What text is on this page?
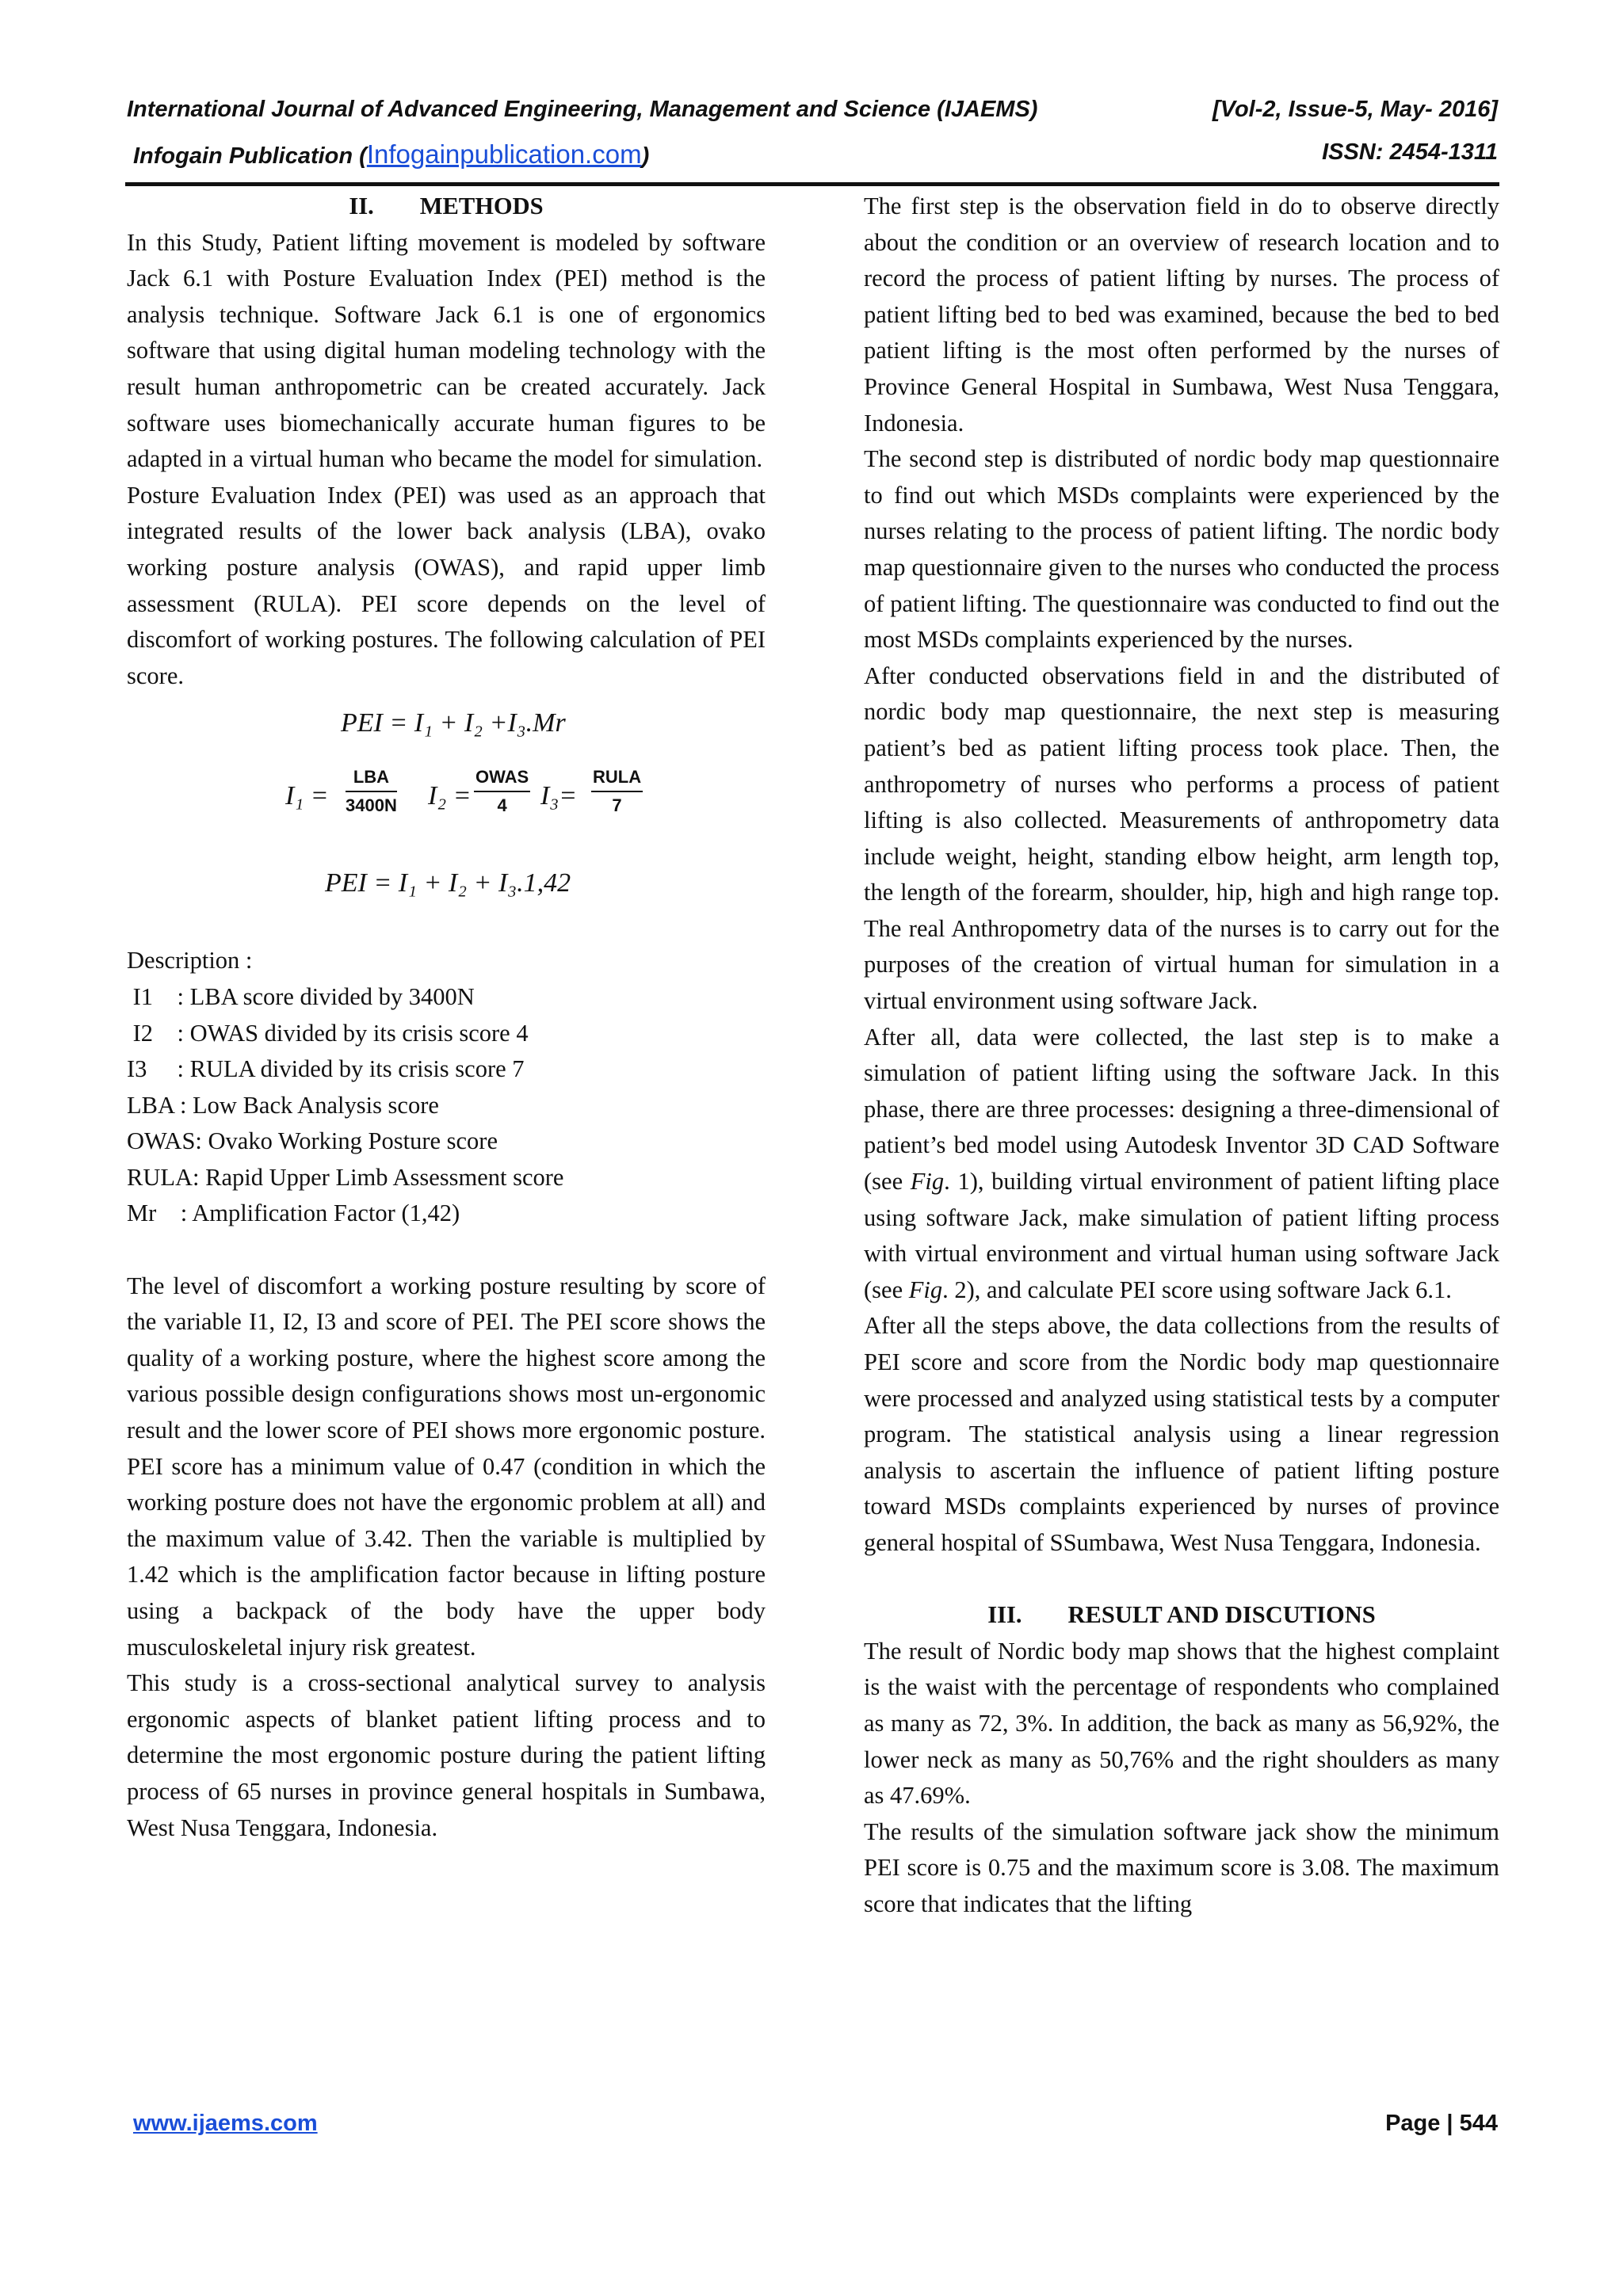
International Journal of Advanced Engineering, Management and Science (IJAEMS)	[Vol-2, Issue-5, May- 2016]
Infogain Publication (Infogainpublication.com)	ISSN: 2454-1311
II. METHODS

In this Study, Patient lifting movement is modeled by software Jack 6.1 with Posture Evaluation Index (PEI) method is the analysis technique. Software Jack 6.1 is one of ergonomics software that using digital human modeling technology with the result human anthropometric can be created accurately. Jack software uses biomechanically accurate human figures to be adapted in a virtual human who became the model for simulation.

Posture Evaluation Index (PEI) was used as an approach that integrated results of the lower back analysis (LBA), ovako working posture analysis (OWAS), and rapid upper limb assessment (RULA). PEI score depends on the level of discomfort of working postures. The following calculation of PEI score.

PEI = I₁ + I₂ +I₃.Mr
I₁ =
LBA
3400N I₂ =
OWAS
4	I₃=
RULA
7
PEI = I₁ + I₂ + I₃.1,42

Description :

I1    : LBA score divided by 3400N

I2    : OWAS divided by its crisis score 4

I3     : RULA divided by its crisis score 7

LBA : Low Back Analysis score

OWAS: Ovako Working Posture score

RULA: Rapid Upper Limb Assessment score

Mr    : Amplification Factor (1,42)

The level of discomfort a working posture resulting by score of the variable I1, I2, I3 and score of PEI. The PEI score shows the quality of a working posture, where the highest score among the various possible design configurations shows most un-ergonomic result and the lower score of PEI shows more ergonomic posture. PEI score has a minimum value of 0.47 (condition in which the working posture does not have the ergonomic problem at all) and the maximum value of 3.42. Then the variable is multiplied by 1.42 which is the amplification factor because in lifting posture using a backpack of the body have the upper body musculoskeletal injury risk greatest.

This study is a cross-sectional analytical survey to analysis ergonomic aspects of blanket patient lifting process and to determine the most ergonomic posture during the patient lifting process of 65 nurses in province general hospitals in Sumbawa, West Nusa Tenggara, Indonesia.

The first step is the observation field in do to observe directly about the condition or an overview of research location and to record the process of patient lifting by nurses. The process of patient lifting bed to bed was examined, because the bed to bed patient lifting is the most often performed by the nurses of Province General Hospital in Sumbawa, West Nusa Tenggara, Indonesia.

The second step is distributed of nordic body map questionnaire to find out which MSDs complaints were experienced by the nurses relating to the process of patient lifting. The nordic body map questionnaire given to the nurses who conducted the process of patient lifting. The questionnaire was conducted to find out the most MSDs complaints experienced by the nurses.

After conducted observations field in and the distributed of nordic body map questionnaire, the next step is measuring patient’s bed as patient lifting process took place. Then, the anthropometry of nurses who performs a process of patient lifting is also collected. Measurements of anthropometry data include weight, height, standing elbow height, arm length top, the length of the forearm, shoulder, hip, high and high range top. The real Anthropometry data of the nurses is to carry out for the purposes of the creation of virtual human for simulation in a virtual environment using software Jack.

After all, data were collected, the last step is to make a simulation of patient lifting using the software Jack. In this phase, there are three processes: designing a three-dimensional of patient’s bed model using Autodesk Inventor 3D CAD Software (see Fig. 1), building virtual environment of patient lifting place using software Jack, make simulation of patient lifting process with virtual environment and virtual human using software Jack (see Fig. 2), and calculate PEI score using software Jack 6.1.

After all the steps above, the data collections from the results of PEI score and score from the Nordic body map questionnaire were processed and analyzed using statistical tests by a computer program. The statistical analysis using a linear regression analysis to ascertain the influence of patient lifting posture toward MSDs complaints experienced by nurses of province general hospital of SSumbawa, West Nusa Tenggara, Indonesia.

III. RESULT AND DISCUTIONS

The result of Nordic body map shows that the highest complaint is the waist with the percentage of respondents who complained as many as 72, 3%. In addition, the back as many as 56,92%, the lower neck as many as 50,76% and the right shoulders as many as 47.69%.

The results of the simulation software jack show the minimum PEI score is 0.75 and the maximum score is 3.08. The maximum score that indicates that the lifting

www.ijaems.com	Page | 544
